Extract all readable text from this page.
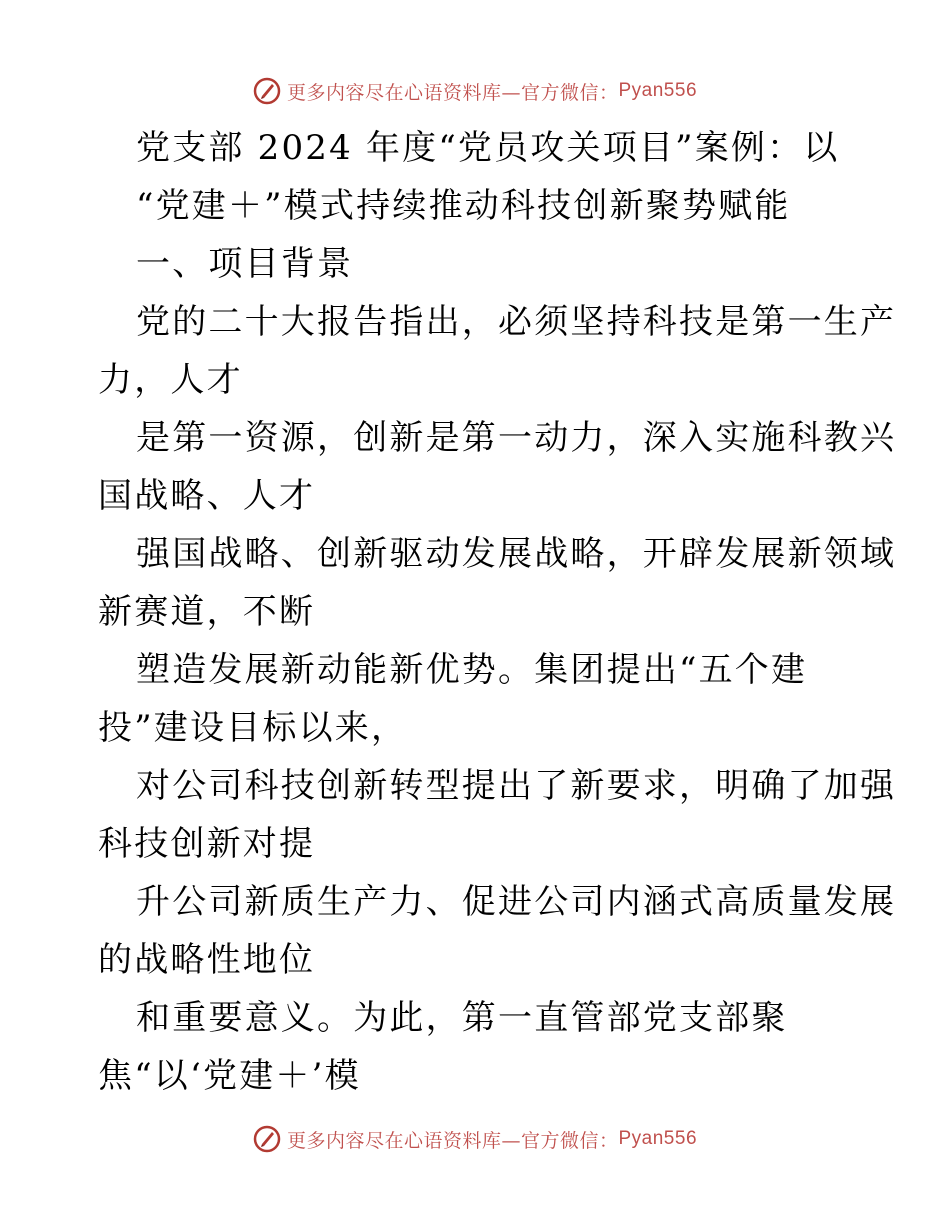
更多内容尽在心语资料库—官方微信： Pyan556
党支部 2024 年度“党员攻关项目”案例：以
“党建＋”模式持续推动科技创新聚势赋能
一、项目背景
党的二十大报告指出，必须坚持科技是第一生产
力，人才
是第一资源，创新是第一动力，深入实施科教兴
国战略、人才
强国战略、创新驱动发展战略，开辟发展新领域
新赛道，不断
塑造发展新动能新优势。集团提出“五个建
投”建设目标以来，
对公司科技创新转型提出了新要求，明确了加强
科技创新对提
升公司新质生产力、促进公司内涵式高质量发展
的战略性地位
和重要意义。为此，第一直管部党支部聚
焦“以‘党建＋’模
更多内容尽在心语资料库—官方微信： Pyan556
